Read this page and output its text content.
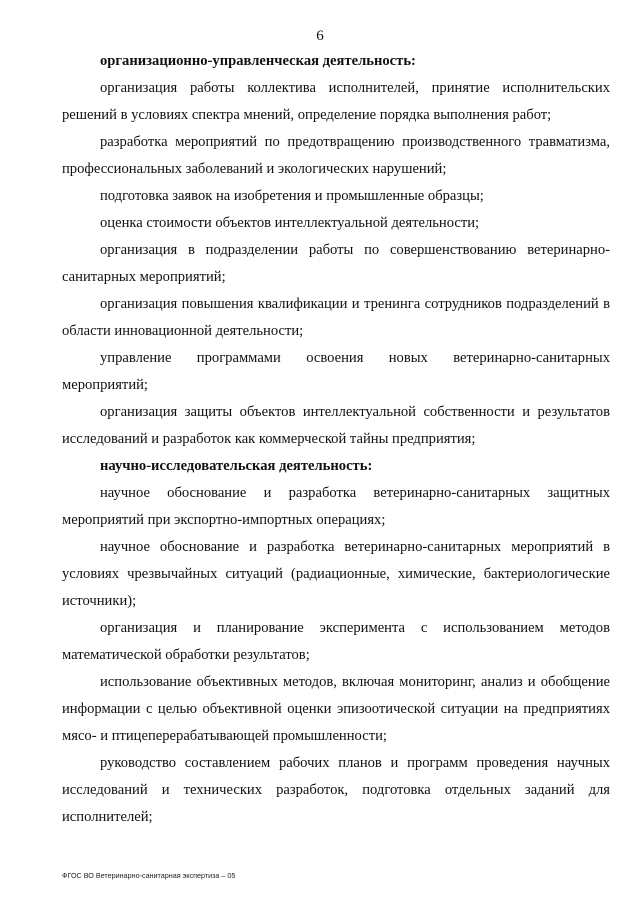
6

организационно-управленческая деятельность:

организация работы коллектива исполнителей, принятие исполнительских решений в условиях спектра мнений, определение порядка выполнения работ;

разработка мероприятий по предотвращению производственного травматизма, профессиональных заболеваний и экологических нарушений;

подготовка заявок на изобретения и промышленные образцы;

оценка стоимости объектов интеллектуальной деятельности;

организация в подразделении работы по совершенствованию ветеринарно-санитарных мероприятий;

организация повышения квалификации и тренинга сотрудников подразделений в области инновационной деятельности;

управление программами освоения новых ветеринарно-санитарных мероприятий;

организация защиты объектов интеллектуальной собственности и результатов исследований и разработок как коммерческой тайны предприятия;

научно-исследовательская деятельность:

научное обоснование и разработка ветеринарно-санитарных защитных мероприятий при экспортно-импортных операциях;

научное обоснование и разработка ветеринарно-санитарных мероприятий в условиях чрезвычайных ситуаций (радиационные, химические, бактериологические источники);

организация и планирование эксперимента с использованием методов математической обработки результатов;

использование объективных методов, включая мониторинг, анализ и обобщение информации с целью объективной оценки эпизоотической ситуации на предприятиях мясо- и птицеперерабатывающей промышленности;

руководство составлением рабочих планов и программ проведения научных исследований и технических разработок, подготовка отдельных заданий для исполнителей;

ФГОС ВО Ветеринарно-санитарная экспертиза – 05
